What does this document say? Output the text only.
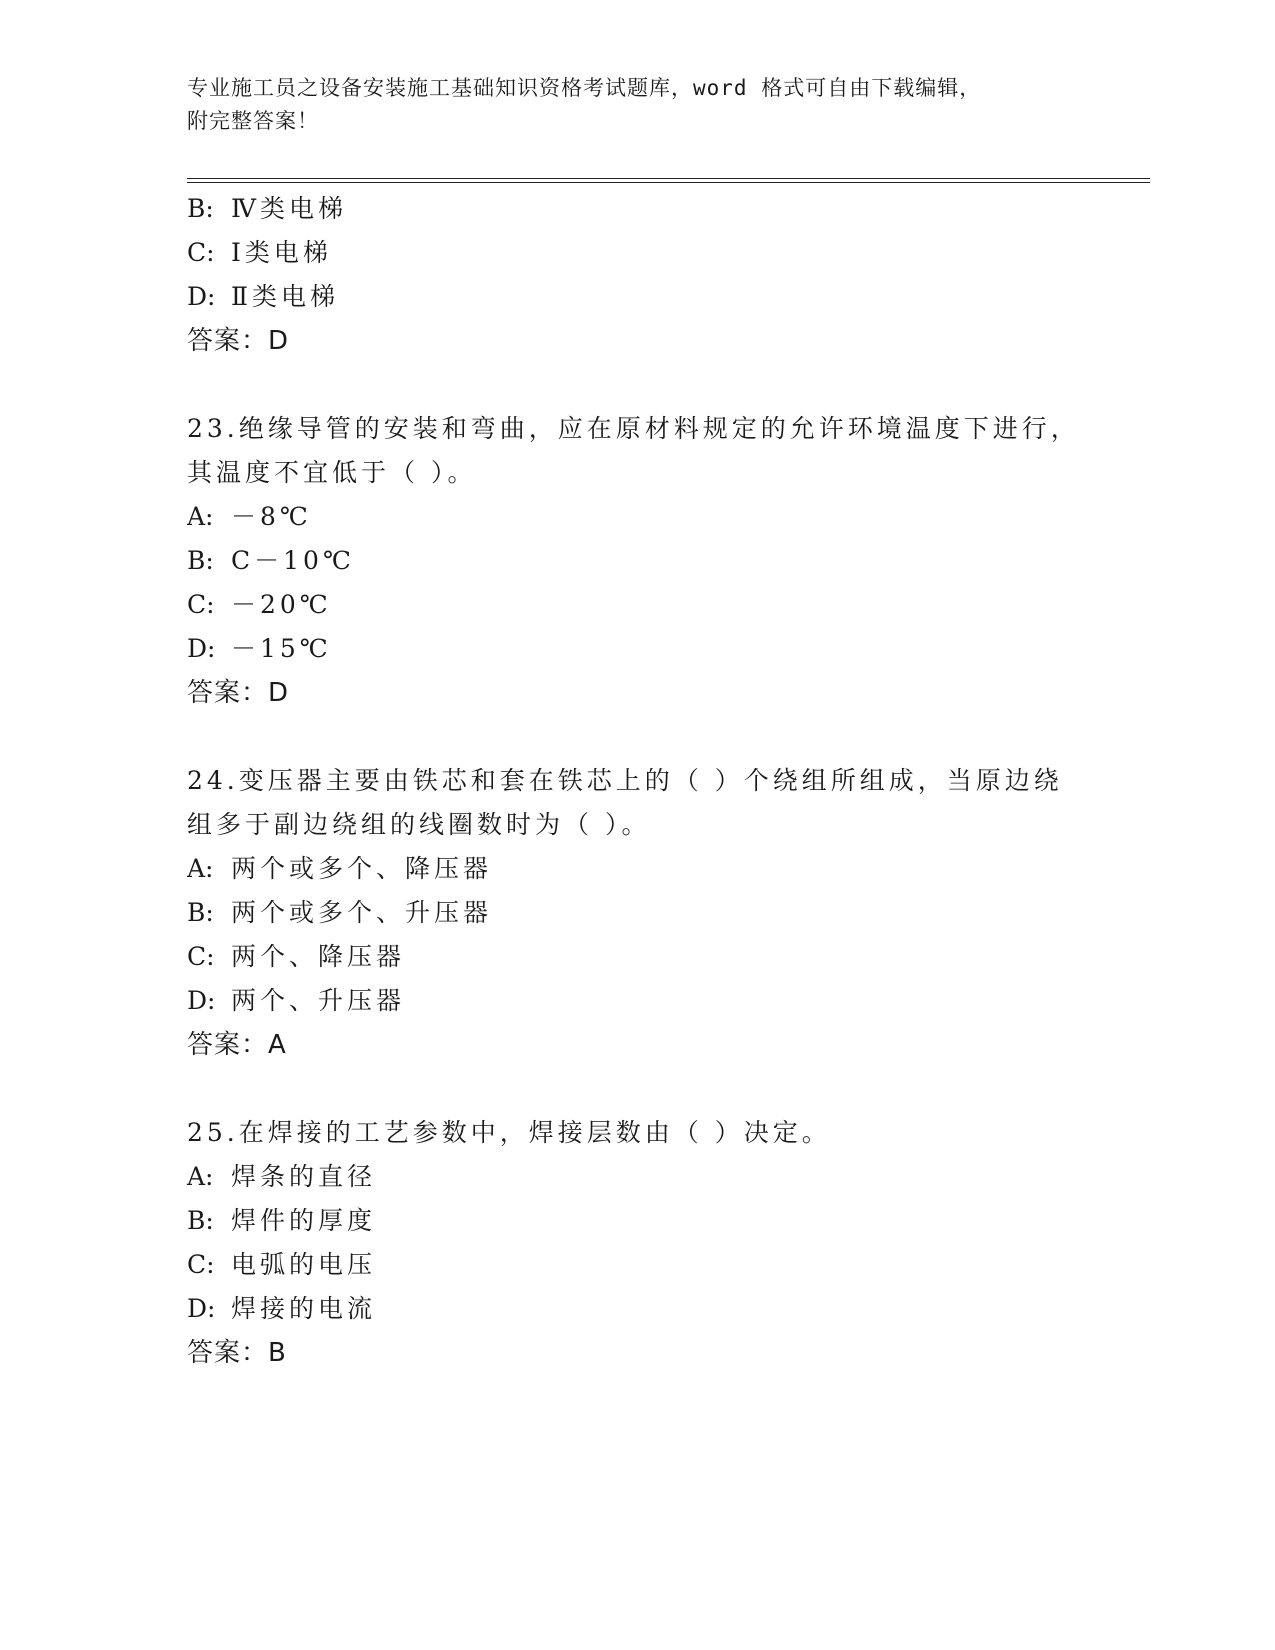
专业施工员之设备安装施工基础知识资格考试题库，word 格式可自由下载编辑，
附完整答案！
B: Ⅳ类电梯
C: Ⅰ类电梯
D: Ⅱ类电梯
答案：D
23.绝缘导管的安装和弯曲，应在原材料规定的允许环境温度下进行，
其温度不宜低于（ ）。
A: －8℃
B: C－10℃
C: －20℃
D: －15℃
答案：D
24.变压器主要由铁芯和套在铁芯上的（ ）个绕组所组成，当原边绕
组多于副边绕组的线圈数时为（ ）。
A: 两个或多个、降压器
B: 两个或多个、升压器
C: 两个、降压器
D: 两个、升压器
答案：A
25.在焊接的工艺参数中，焊接层数由（ ）决定。
A: 焊条的直径
B: 焊件的厚度
C: 电弧的电压
D: 焊接的电流
答案：B
